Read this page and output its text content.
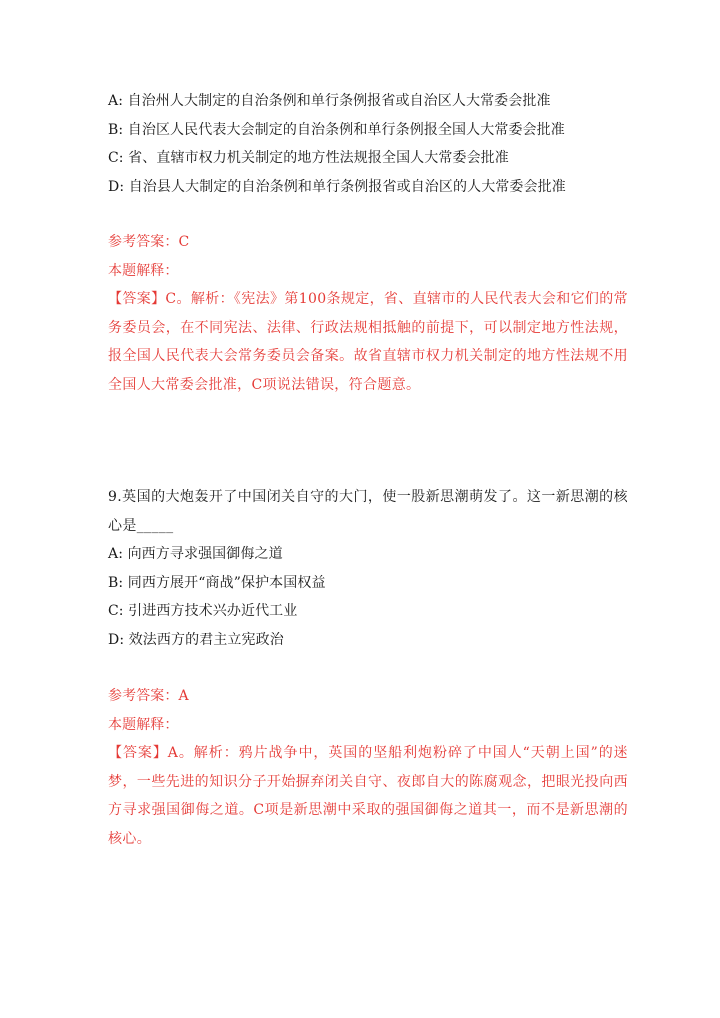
A: 自治州人大制定的自治条例和单行条例报省或自治区人大常委会批准
B: 自治区人民代表大会制定的自治条例和单行条例报全国人大常委会批准
C: 省、直辖市权力机关制定的地方性法规报全国人大常委会批准
D: 自治县人大制定的自治条例和单行条例报省或自治区的人大常委会批准
参考答案：C
本题解释：
【答案】C。解析：《宪法》第100条规定，省、直辖市的人民代表大会和它们的常务委员会，在不同宪法、法律、行政法规相抵触的前提下，可以制定地方性法规，报全国人民代表大会常务委员会备案。故省直辖市权力机关制定的地方性法规不用全国人大常委会批准，C项说法错误，符合题意。
9.英国的大炮轰开了中国闭关自守的大门，使一股新思潮萌发了。这一新思潮的核心是_____
A: 向西方寻求强国御侮之道
B: 同西方展开“商战”保护本国权益
C: 引进西方技术兴办近代工业
D: 效法西方的君主立宪政治
参考答案：A
本题解释：
【答案】A。解析：鸦片战争中，英国的坚船利炮粉碎了中国人“天朝上国”的迷梦，一些先进的知识分子开始摒弃闭关自守、夜郎自大的陈腐观念，把眼光投向西方寻求强国御侮之道。C项是新思潮中采取的强国御侮之道其一，而不是新思潮的核心。
